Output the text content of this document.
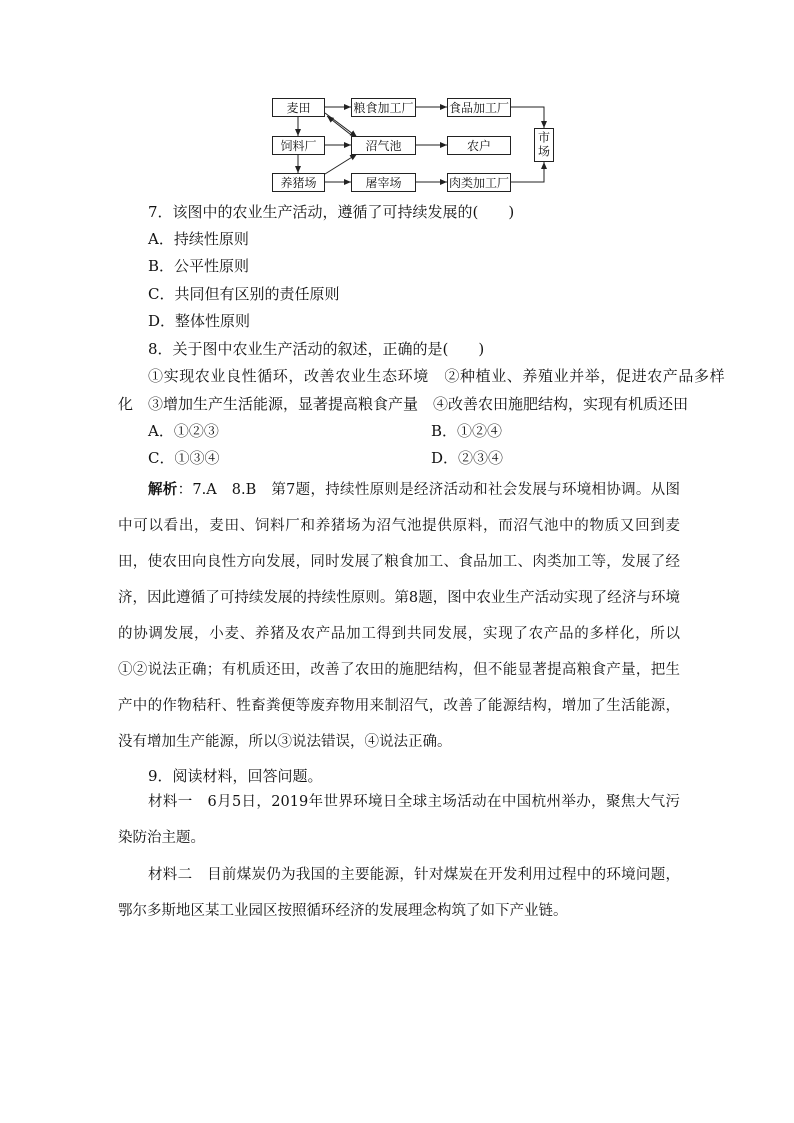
麦田	粮食加工厂	食品加工厂
饲料厂	沼气池	农户
养猪场	屠宰场	肉类加工厂
市场
7．该图中的农业生产活动，遵循了可持续发展的(　　)
A．持续性原则
B．公平性原则
C．共同但有区别的责任原则
D．整体性原则
8．关于图中农业生产活动的叙述，正确的是(　　)
①实现农业良性循环，改善农业生态环境　②种植业、养殖业并举，促进农产品多样
化　③增加生产生活能源，显著提高粮食产量　④改善农田施肥结构，实现有机质还田
A．①②③	B．①②④
C．①③④	D．②③④
解析：7.A　8.B　第7题，持续性原则是经济活动和社会发展与环境相协调。从图中可以看出，麦田、饲料厂和养猪场为沼气池提供原料，而沼气池中的物质又回到麦田，使农田向良性方向发展，同时发展了粮食加工、食品加工、肉类加工等，发展了经济，因此遵循了可持续发展的持续性原则。第8题，图中农业生产活动实现了经济与环境的协调发展，小麦、养猪及农产品加工得到共同发展，实现了农产品的多样化，所以①②说法正确；有机质还田，改善了农田的施肥结构，但不能显著提高粮食产量，把生产中的作物秸秆、牲畜粪便等废弃物用来制沼气，改善了能源结构，增加了生活能源，没有增加生产能源，所以③说法错误，④说法正确。
9．阅读材料，回答问题。
材料一　6月5日，2019年世界环境日全球主场活动在中国杭州举办，聚焦大气污染防治主题。
材料二　目前煤炭仍为我国的主要能源，针对煤炭在开发利用过程中的环境问题，鄂尔多斯地区某工业园区按照循环经济的发展理念构筑了如下产业链。
